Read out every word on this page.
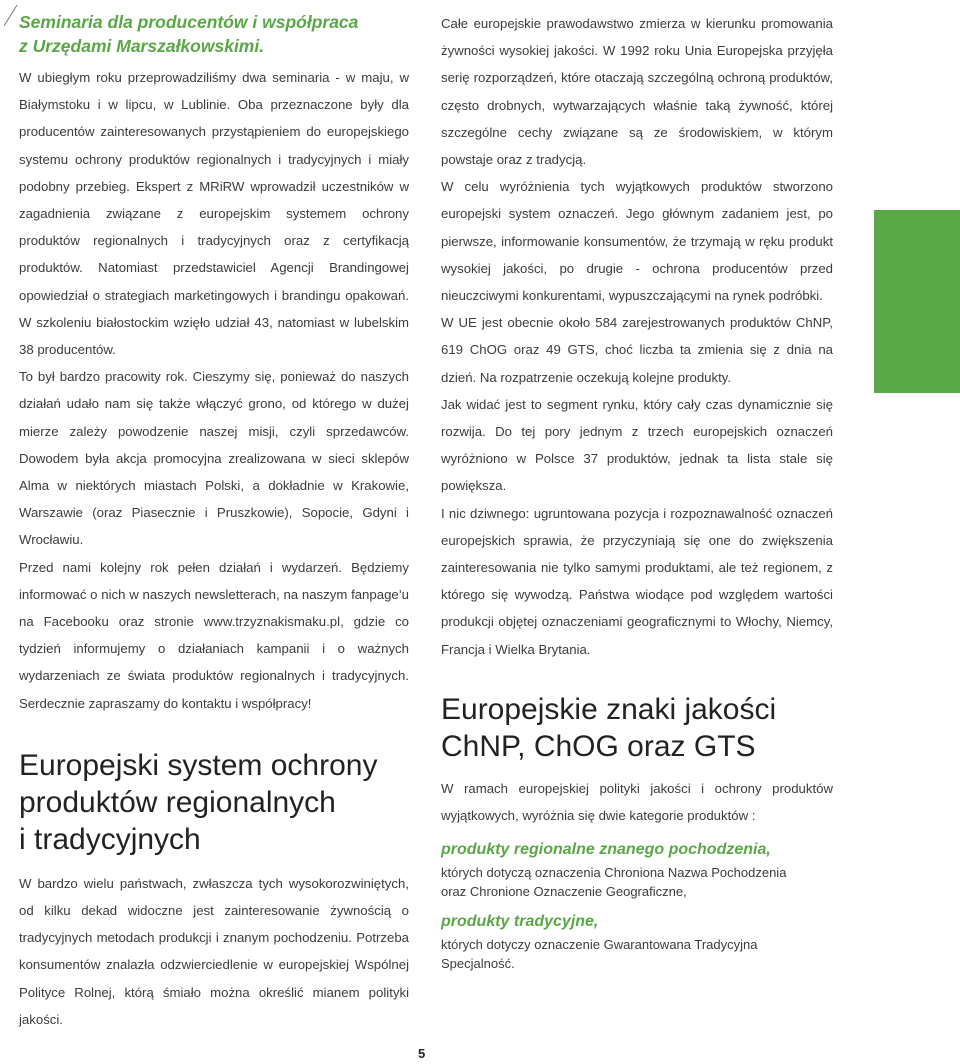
Seminaria dla producentów i współpraca
z Urzędami Marszałkowskimi.

W ubiegłym roku przeprowadziliśmy dwa seminaria - w maju, w Białymstoku i w lipcu, w Lublinie. Oba przeznaczone były dla producentów zainteresowanych przystąpieniem do europejskiego systemu ochrony produktów regionalnych i tradycyjnych i miały podobny przebieg. Ekspert z MRiRW wprowadził uczestników w zagadnienia związane z europejskim systemem ochrony produktów regionalnych i tradycyjnych oraz z certyfikacją produktów. Natomiast przedstawiciel Agencji Brandingowej opowiedział o strategiach marketingowych i brandingu opakowań. W szkoleniu białostockim wzięło udział 43, natomiast w lubelskim 38 producentów.

To był bardzo pracowity rok. Cieszymy się, ponieważ do naszych działań udało nam się także włączyć grono, od którego w dużej mierze zależy powodzenie naszej misji, czyli sprzedawców. Dowodem była akcja promocyjna zrealizowana w sieci sklepów Alma w niektórych miastach Polski, a dokładnie w Krakowie, Warszawie (oraz Piasecznie i Pruszkowie), Sopocie, Gdyni i Wrocławiu.

Przed nami kolejny rok pełen działań i wydarzeń. Będziemy informować o nich w naszych newsletterach, na naszym fanpage’u na Facebooku oraz stronie www.trzyznakismaku.pl, gdzie co tydzień informujemy o działaniach kampanii i o ważnych wydarzeniach ze świata produktów regionalnych i tradycyjnych. Serdecznie zapraszamy do kontaktu i współpracy!

Europejski system ochrony
produktów regionalnych
i tradycyjnych

W bardzo wielu państwach, zwłaszcza tych wysokorozwiniętych, od kilku dekad widoczne jest zainteresowanie żywnością o tradycyjnych metodach produkcji i znanym pochodzeniu. Potrzeba konsumentów znalazła odzwierciedlenie w europejskiej Wspólnej Polityce Rolnej, którą śmiało można określić mianem polityki jakości.

Całe europejskie prawodawstwo zmierza w kierunku promowania żywności wysokiej jakości. W 1992 roku Unia Europejska przyjęła serię rozporządzeń, które otaczają szczególną ochroną produktów, często drobnych, wytwarzających właśnie taką żywność, której szczególne cechy związane są ze środowiskiem, w którym powstaje oraz z tradycją.

W celu wyróżnienia tych wyjątkowych produktów stworzono europejski system oznaczeń. Jego głównym zadaniem jest, po pierwsze, informowanie konsumentów, że trzymają w ręku produkt wysokiej jakości, po drugie - ochrona producentów przed nieuczciwymi konkurentami, wypuszczającymi na rynek podróbki.

W UE jest obecnie około 584 zarejestrowanych produktów ChNP, 619 ChOG oraz 49 GTS, choć liczba ta zmienia się z dnia na dzień. Na rozpatrzenie oczekują kolejne produkty.

Jak widać jest to segment rynku, który cały czas dynamicznie się rozwija. Do tej pory jednym z trzech europejskich oznaczeń wyróżniono w Polsce 37 produktów, jednak ta lista stale się powiększa.

I nic dziwnego: ugruntowana pozycja i rozpoznawalność oznaczeń europejskich sprawia, że przyczyniają się one do zwiększenia zainteresowania nie tylko samymi produktami, ale też regionem, z którego się wywodzą. Państwa wiodące pod względem wartości produkcji objętej oznaczeniami geograficznymi to Włochy, Niemcy, Francja i Wielka Brytania.

Europejskie znaki jakości
ChNP, ChOG oraz GTS

W ramach europejskiej polityki jakości i ochrony produktów wyjątkowych, wyróżnia się dwie kategorie produktów :

produkty regionalne znanego pochodzenia,

których dotyczą oznaczenia Chroniona Nazwa Pochodzenia
oraz Chronione Oznaczenie Geograficzne,

produkty tradycyjne,

których dotyczy oznaczenie Gwarantowana Tradycyjna
Specjalność.

5
